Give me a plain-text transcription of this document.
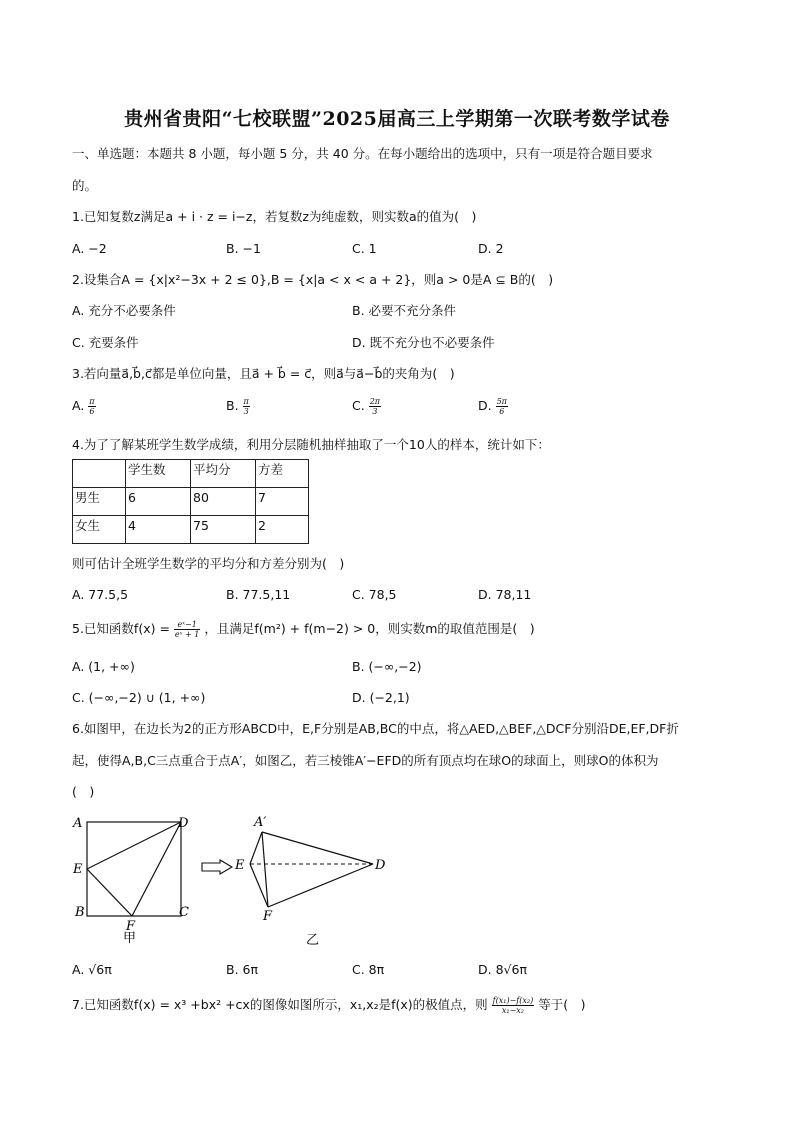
贵州省贵阳“七校联盟”2025届高三上学期第一次联考数学试卷
一、单选题：本题共 8 小题，每小题 5 分，共 40 分。在每小题给出的选项中，只有一项是符合题目要求
的。
1.已知复数z满足a + i · z = i−z，若复数z为纯虚数，则实数a的值为(　)
A. −2	B. −1	C. 1	D. 2
2.设集合A = {x|x²−3x + 2 ≤ 0},B = {x|a < x < a + 2}，则a > 0是A ⊆ B的(　)
A. 充分不必要条件	B. 必要不充分条件
C. 充要条件	D. 既不充分也不必要条件
3.若向量a⃗,b⃗,c⃗都是单位向量，且a⃗ + b⃗ = c⃗，则a⃗与a⃗−b⃗的夹角为(　)
A. $\frac{\pi}{6}$	B. $\frac{\pi}{3}$	C. $\frac{2\pi}{3}$	D. $\frac{5\pi}{6}$
4.为了了解某班学生数学成绩，利用分层随机抽样抽取了一个10人的样本，统计如下：
	学生数	平均分	方差
男生	6	80	7
女生	4	75	2
则可估计全班学生数学的平均分和方差分别为(　)
A. 77.5,5	B. 77.5,11	C. 78,5	D. 78,11
5.已知函数$f(x) = \frac{\text{eˣ−1}}{\text{eˣ + 1}}$ ，且满足f(m²) + f(m−2) > 0，则实数m的取值范围是(　)
A. (1, +∞)	B. (−∞,−2)
C. (−∞,−2) ∪ (1, +∞)	D. (−2,1)
6.如图甲，在边长为2的正方形ABCD中，E,F分别是AB,BC的中点，将△AED,△BEF,△DCF分别沿DE,EF,DF折
起，使得A,B,C三点重合于点A′，如图乙，若三棱锥A′−EFD的所有顶点均在球O的球面上，则球O的体积为
(　)
A
E
B
F
C
D
甲
A′
E
F
D
乙
A. √6π	B. 6π	C. 8π	D. 8√6π
7.已知函数f(x) = x³ +bx² +cx的图像如图所示，x₁,x₂是f(x)的极值点，则 $\frac{\text{f(x₁)−f(x₂)}}{\text{x₁−x₂}}$ 等于(　)
